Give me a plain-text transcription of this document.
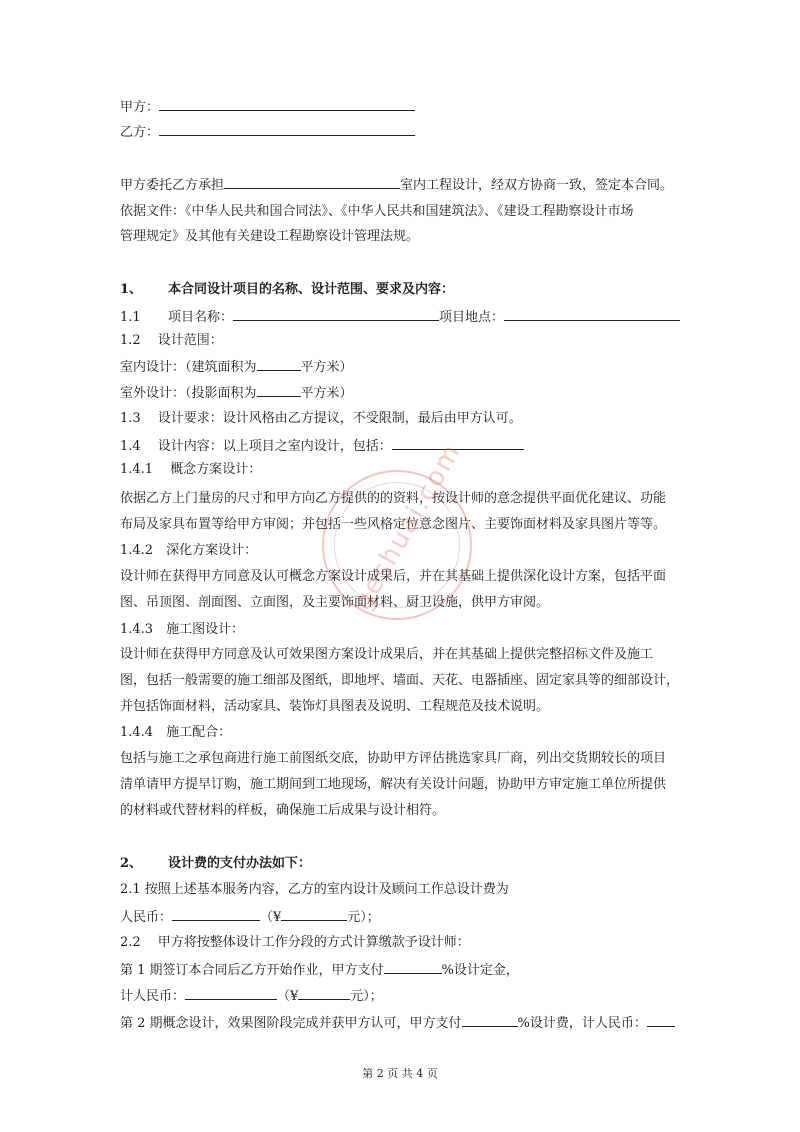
甲方：
乙方：
甲方委托乙方承担	室内工程设计，经双方协商一致，签定本合同。
依据文件：《中华人民共和国合同法》、《中华人民共和国建筑法》、《建设工程勘察设计市场
管理规定》及其他有关建设工程勘察设计管理法规。
1、 本合同设计项目的名称、设计范围、要求及内容：
1.1 项目名称：	项目地点：
1.2　 设计范围：
室内设计：（建筑面积为	平方米）
室外设计：（投影面积为	平方米）
1.3　 设计要求：设计风格由乙方提议，不受限制，最后由甲方认可。
1.4　 设计内容：以上项目之室内设计，包括：
1.4.1　 概念方案设计：
依据乙方上门量房的尺寸和甲方向乙方提供的的资料，按设计师的意念提供平面优化建议、功能
布局及家具布置等给甲方审阅；并包括一些风格定位意念图片、主要饰面材料及家具图片等等。
1.4.2　深化方案设计：
设计师在获得甲方同意及认可概念方案设计成果后，并在其基础上提供深化设计方案，包括平面
图、吊顶图、剖面图、立面图，及主要饰面材料、厨卫设施，供甲方审阅。
1.4.3　施工图设计：
设计师在获得甲方同意及认可效果图方案设计成果后，并在其基础上提供完整招标文件及施工
图，包括一般需要的施工细部及图纸，即地坪、墙面、天花、电器插座、固定家具等的细部设计，
并包括饰面材料，活动家具、装饰灯具图表及说明、工程规范及技术说明。
1.4.4　施工配合：
包括与施工之承包商进行施工前图纸交底，协助甲方评估挑选家具厂商，列出交货期较长的项目
清单请甲方提早订购，施工期间到工地现场，解决有关设计问题，协助甲方审定施工单位所提供
的材料或代替材料的样板，确保施工后成果与设计相符。
2、 设计费的支付办法如下：
2.1 按照上述基本服务内容，乙方的室内设计及顾问工作总设计费为
人民币：	（¥	元）；
2.2　 甲方将按整体设计工作分段的方式计算缴款予设计师：
第 1 期签订本合同后乙方开始作业，甲方支付	%设计定金，
计人民币：	（¥	元）；
第 2 期概念设计，效果图阶段完成并获甲方认可，甲方支付	%设计费，计人民币：
geshuai.com
第 2 页 共 4 页
